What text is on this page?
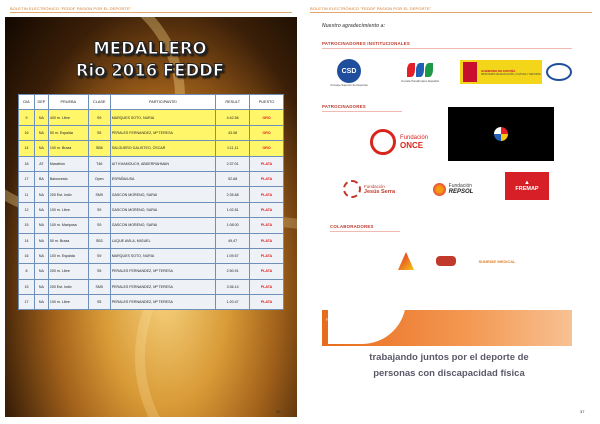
BOLETIN ELECTRÓNICO "FEDDF PASION POR EL DEPORTE"
MEDALLERO
Rio 2016 FEDDF
DIA	DEP	PRUEBA	CLASE	PARTICIPANTE/	RESULT	PUESTO
9	NA	400 m. Libre	S9	MARQUES SOTO, NURIA	4:42.56	ORO
16	NA	50 m. Espalda	S5	PERALES FERNANDEZ, Mª TERESA	43.08	ORO
14	NA	100 m. Braza	SB8	SALGUERO GALISTEO, ÓSCAR	1:11,11	ORO
18	AT	Marathón	T46	AIT KHAMOUCH, ABDERRAHMAN	2:37:01	PLATA
17	BA	Baloncesto	Open	ESPAÑA/USA	52-68	PLATA
11	NA	200 Est. Indiv	SM9	GASCON MORENO, SARAI	2:35.68	PLATA
12	NA	100 m. Libre	S9	GASCON MORENO, SARAI	1:02.81	PLATA
15	NA	100 m. Mariposa	S9	GASCON MORENO, SARAI	1:08.00	PLATA
14	NA	50 m. Braza	SB3	LUQUE AVILA, MIGUEL	49,47	PLATA
16	NA	100 m. Espalda	S9	MARQUES SOTO, NURIA	1:09.57	PLATA
8	NA	200 m. Libre	S5	PERALES FERNANDEZ, Mª TERESA	2:50.91	PLATA
15	NA	200 Est. Indiv	SM5	PERALES FERNANDEZ, Mª TERESA	3:36.14	PLATA
17	NA	100 m. Libre	S5	PERALES FERNANDEZ, Mª TERESA	1:20.47	PLATA
36
BOLETIN ELECTRÓNICO "FEDDF PASION POR EL DEPORTE"
Nuestro agradecimiento a:
PATROCINADORES INSTITUCIONALES
CSD
Consejo Superior de Deportes
Comité Paralímpico Español
GOBIERNO DE ESPAÑA
MINISTERIO DE EDUCACIÓN, CULTURA Y DEPORTE
PATROCINADORES
Fundación
ONCE
Fundación
Jesús Serra
Fundación
REPSOL
▲
FREMAP
COLABORADORES
SUNRISE MEDICAL
FEDDF · PASION POR EL DEPORTE
trabajando juntos por el deporte de
personas con discapacidad física
37
